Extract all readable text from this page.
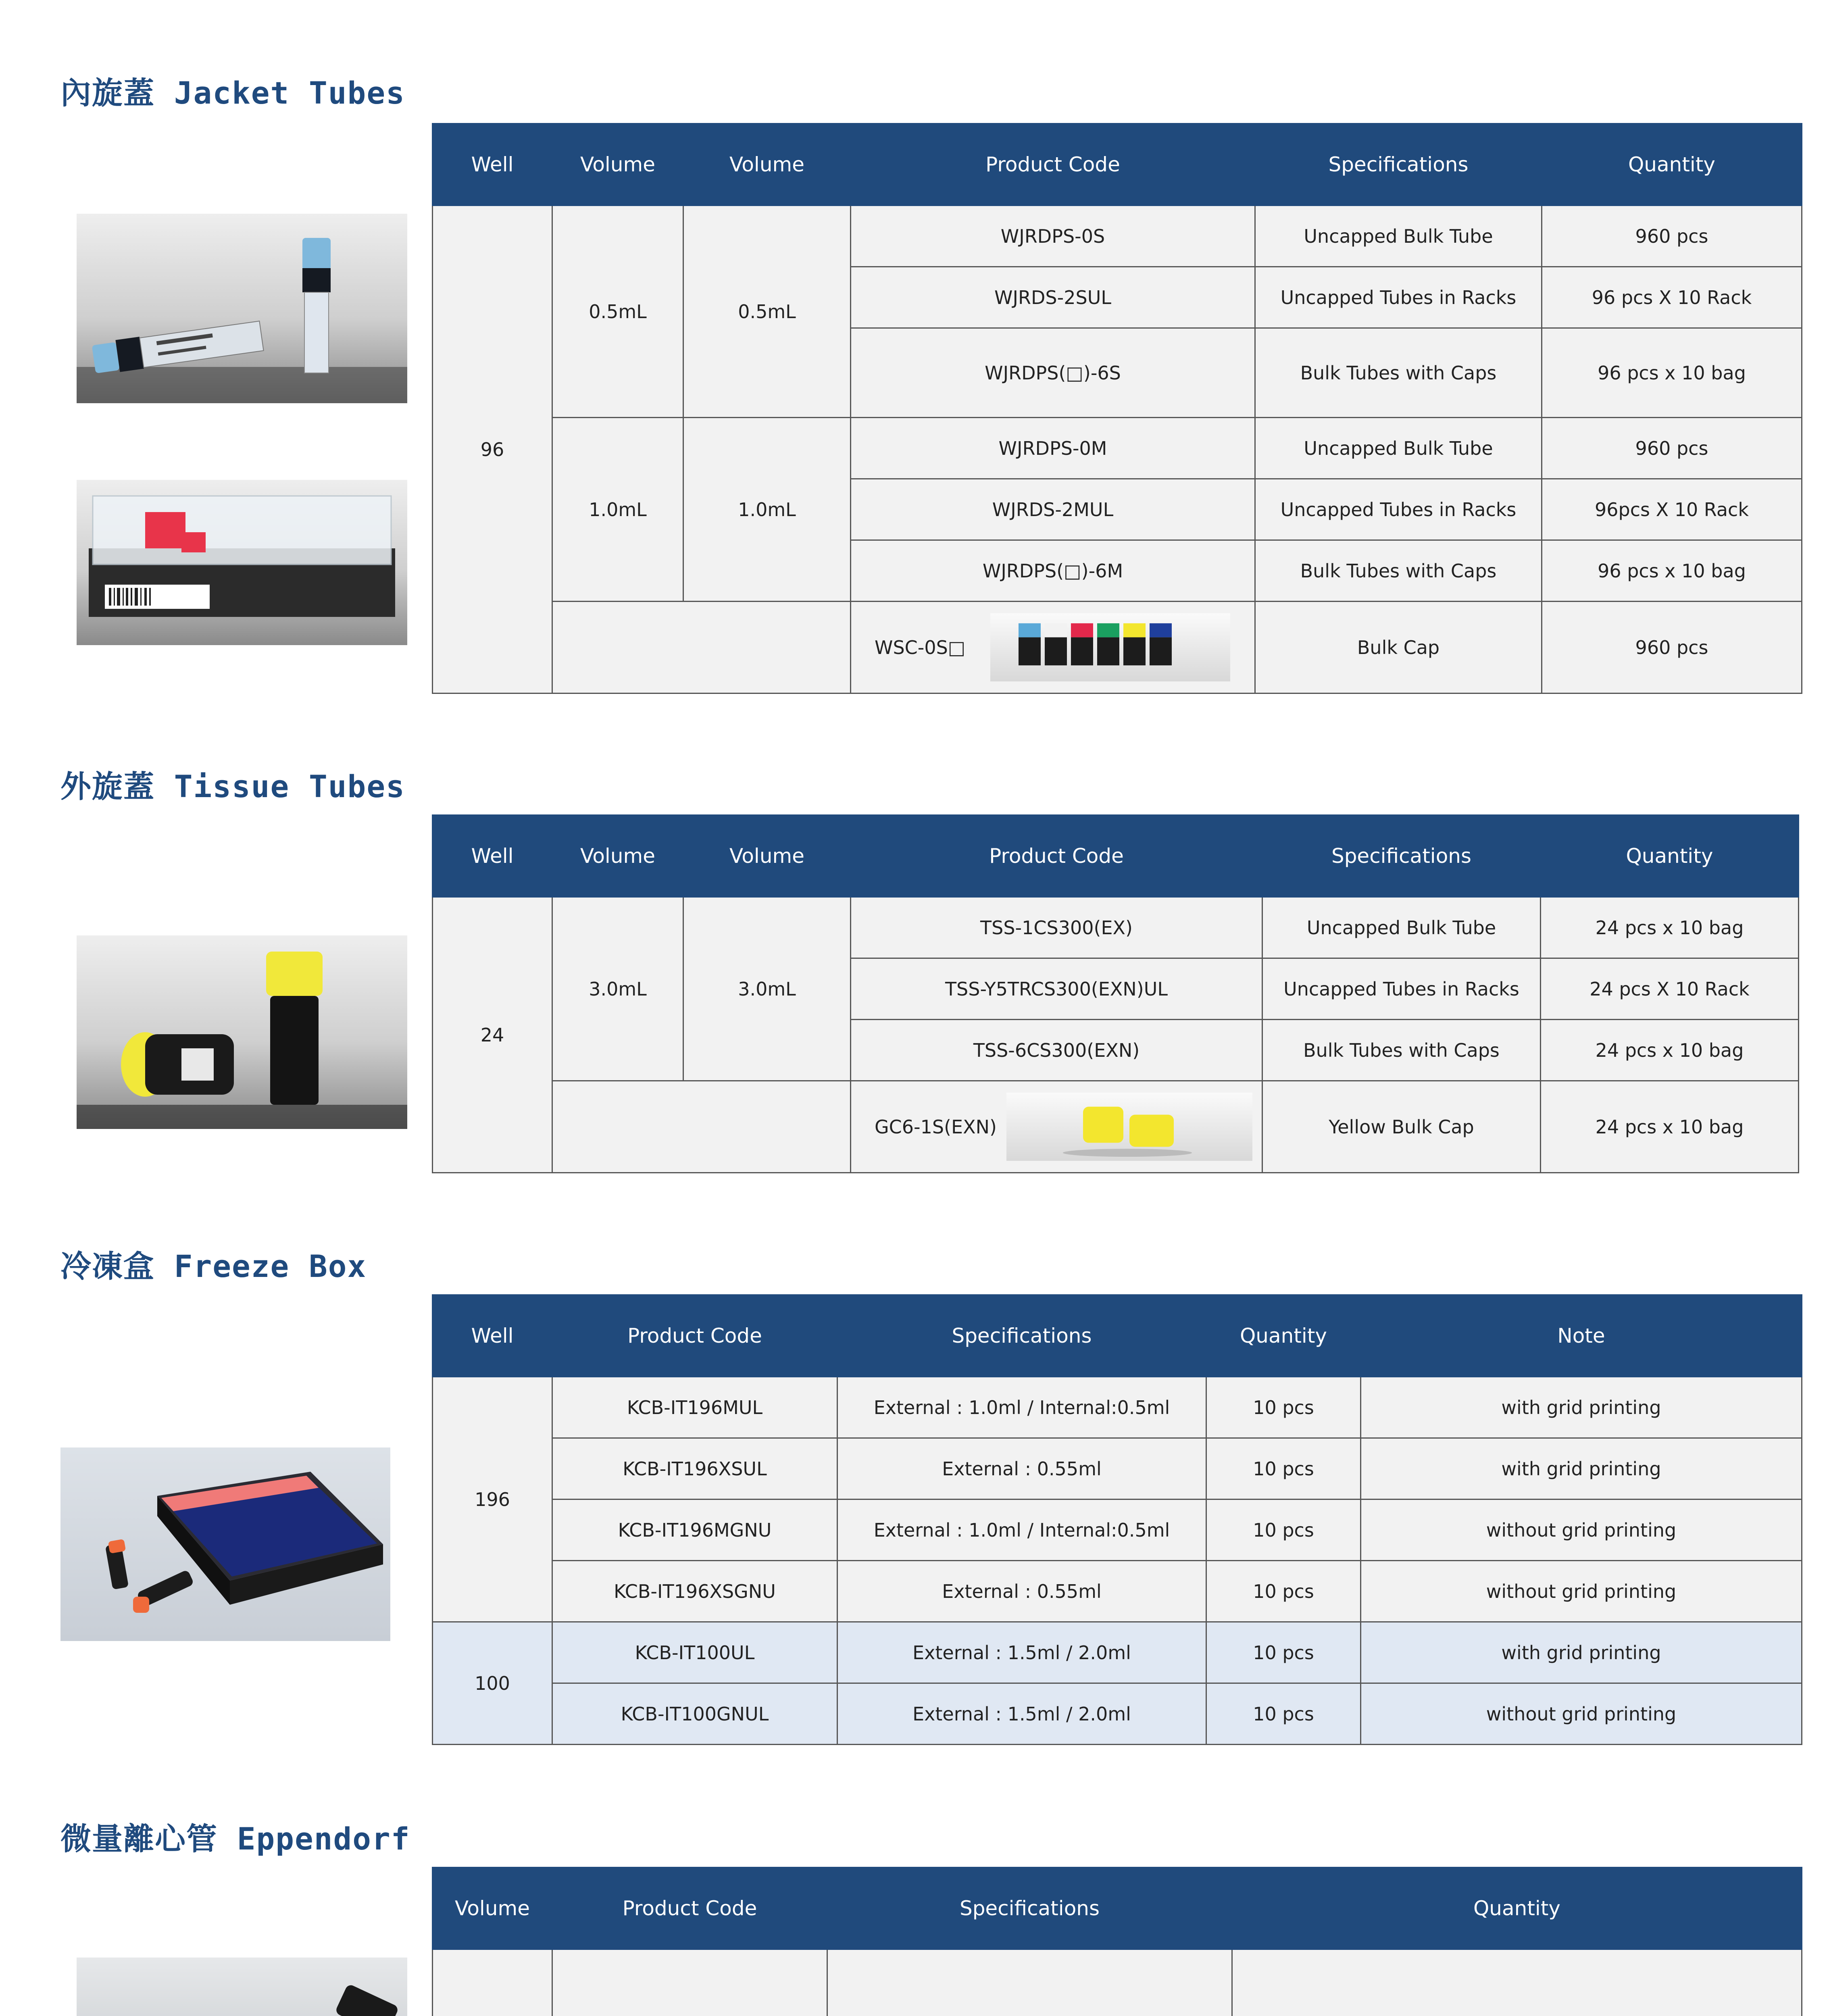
內旋蓋 Jacket Tubes
Well	Volume	Volume	Product Code	Specifications	Quantity
96	0.5mL	0.5mL	WJRDPS-0S	Uncapped Bulk Tube	960 pcs
			WJRDS-2SUL	Uncapped Tubes in Racks	96 pcs X 10 Rack
			WJRDPS(□)-6S	Bulk Tubes with Caps	96 pcs x 10 bag
	1.0mL	1.0mL	WJRDPS-0M	Uncapped Bulk Tube	960 pcs
			WJRDS-2MUL	Uncapped Tubes in Racks	96pcs X 10 Rack
			WJRDPS(□)-6M	Bulk Tubes with Caps	96 pcs x 10 bag

			WSC-0S□	Bulk Cap	960 pcs
外旋蓋 Tissue Tubes
Well	Volume	Volume	Product Code	Specifications	Quantity
24	3.0mL	3.0mL	TSS-1CS300(EX)	Uncapped Bulk Tube	24 pcs x 10 bag
			TSS-Y5TRCS300(EXN)UL	Uncapped Tubes in Racks	24 pcs X 10 Rack
			TSS-6CS300(EXN)	Bulk Tubes with Caps	24 pcs x 10 bag

			GC6-1S(EXN)	Yellow Bulk Cap	24 pcs x 10 bag
冷凍盒 Freeze Box
Well	Product Code	Specifications	Quantity	Note
196	KCB-IT196MUL	External : 1.0ml / Internal:0.5ml	10 pcs	with grid printing
	KCB-IT196XSUL	External : 0.55ml	10 pcs	with grid printing
	KCB-IT196MGNU	External : 1.0ml / Internal:0.5ml	10 pcs	without grid printing
	KCB-IT196XSGNU	External : 0.55ml	10 pcs	without grid printing
100	KCB-IT100UL	External : 1.5ml / 2.0ml	10 pcs	with grid printing
	KCB-IT100GNUL	External : 1.5ml / 2.0ml	10 pcs	without grid printing
微量離心管 Eppendorf
Volume	Product Code	Specifications	Quantity
